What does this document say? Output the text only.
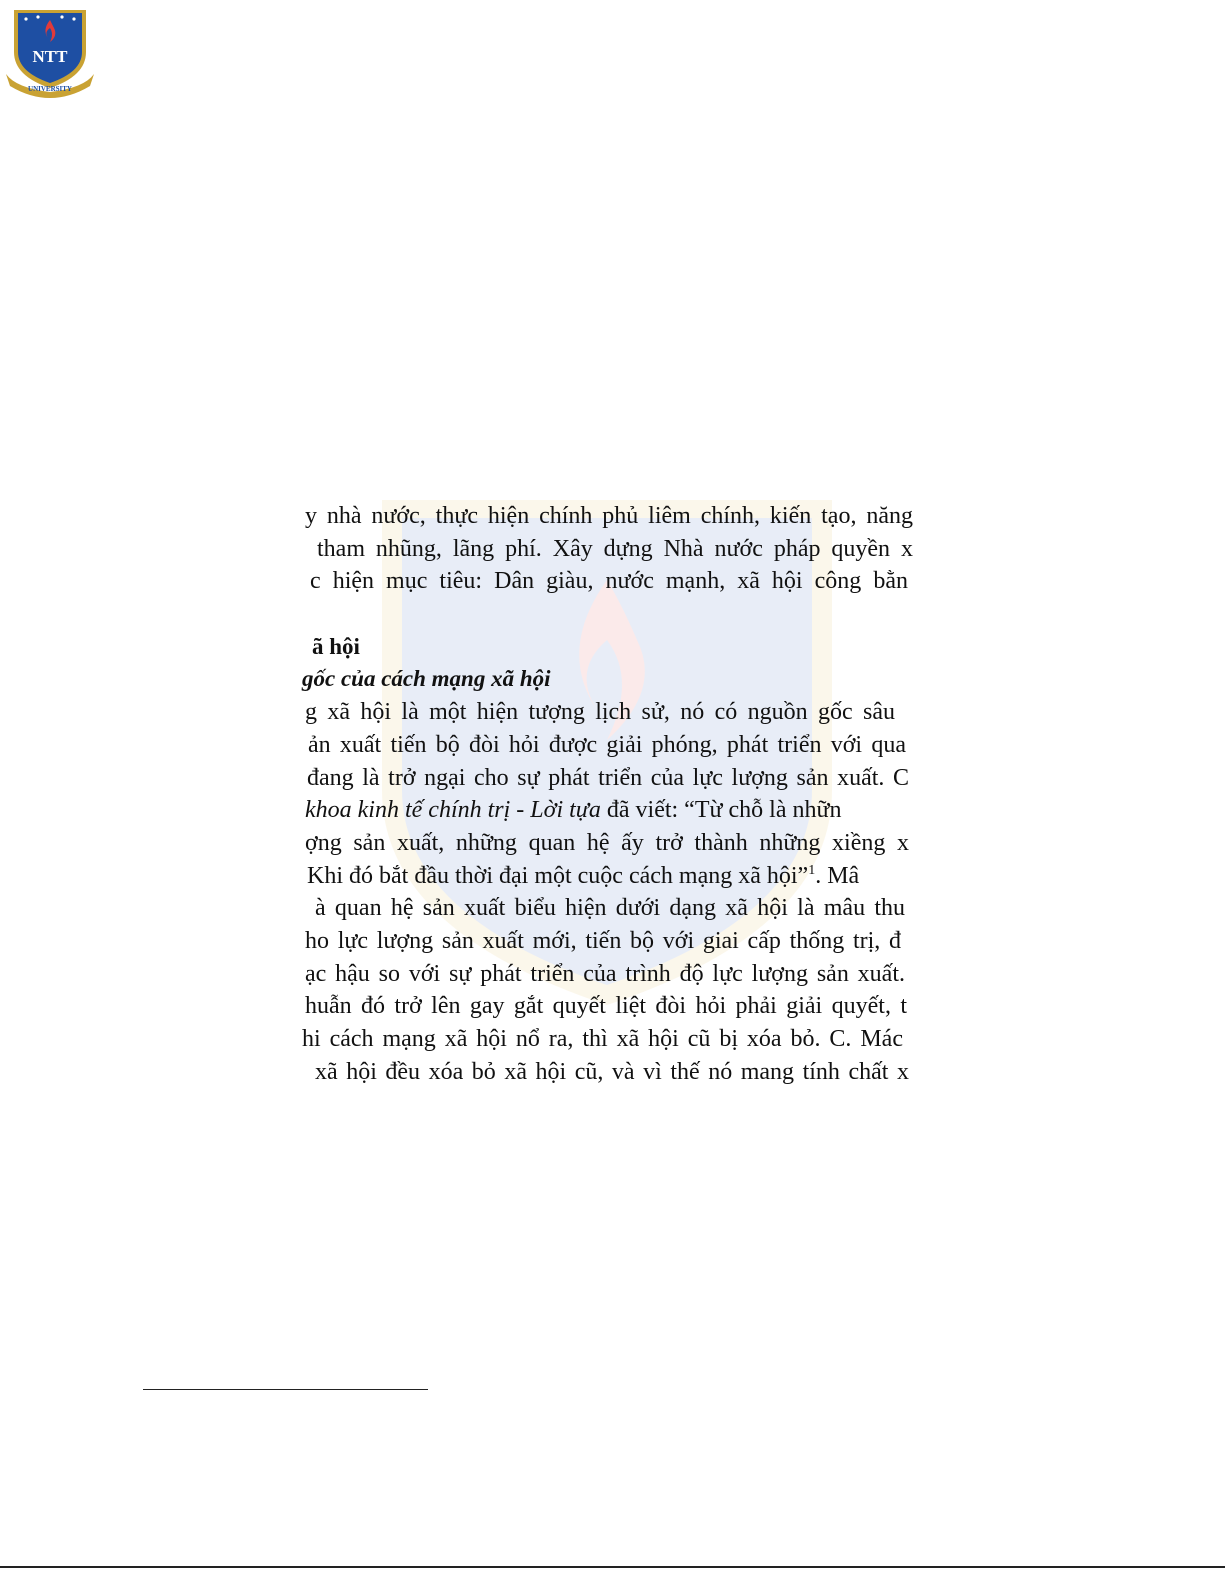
NTT
UNIVERSITY
y nhà nước, thực hiện chính phủ liêm chính, kiến tạo, năng
tham nhũng, lãng phí. Xây dựng Nhà nước pháp quyền x
c hiện mục tiêu: Dân giàu, nước mạnh, xã hội công bằn
ã hội
gốc của cách mạng xã hội
g xã hội là một hiện tượng lịch sử, nó có nguồn gốc sâu
ản xuất tiến bộ đòi hỏi được giải phóng, phát triển với qua
đang là trở ngại cho sự phát triển của lực lượng sản xuất. C
khoa kinh tế chính trị - Lời tựa đã viết: “Từ chỗ là nhữn
ợng sản xuất, những quan hệ ấy trở thành những xiềng x
Khi đó bắt đầu thời đại một cuộc cách mạng xã hội”$^1$. Mâ
à quan hệ sản xuất biểu hiện dưới dạng xã hội là mâu thu
ho lực lượng sản xuất mới, tiến bộ với giai cấp thống trị, đ
ạc hậu so với sự phát triển của trình độ lực lượng sản xuất.
huẫn đó trở lên gay gắt quyết liệt đòi hỏi phải giải quyết, t
hi cách mạng xã hội nổ ra, thì xã hội cũ bị xóa bỏ. C. Mác
xã hội đều xóa bỏ xã hội cũ, và vì thế nó mang tính chất x
